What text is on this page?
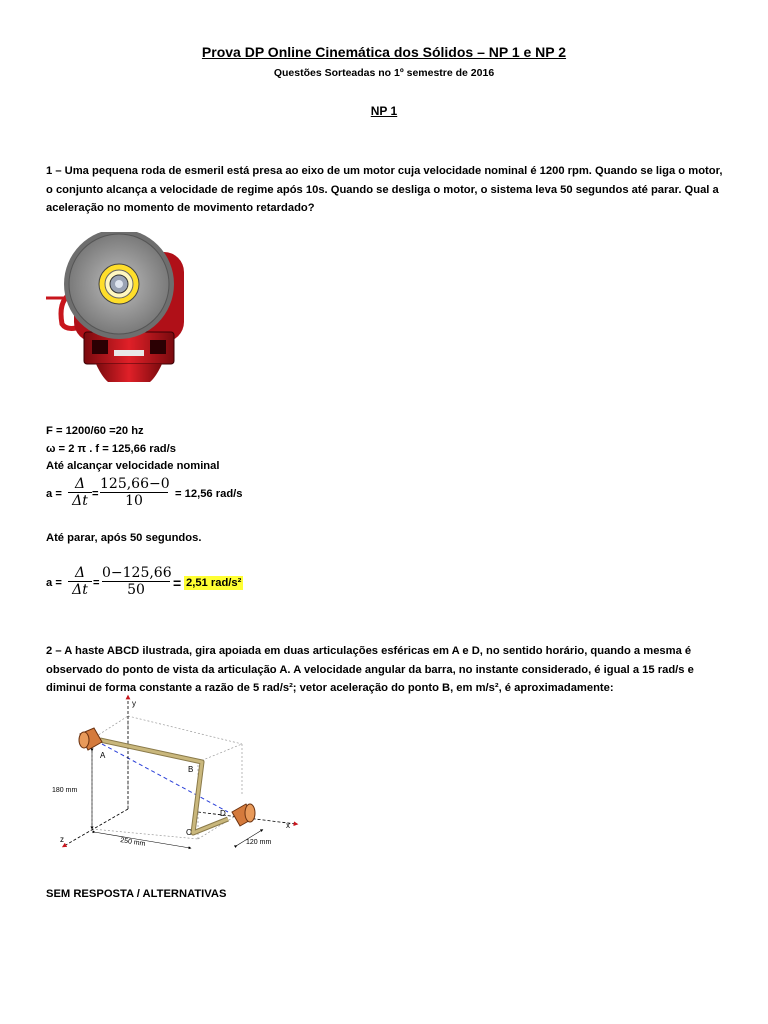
Prova DP Online Cinemática dos Sólidos – NP 1 e NP 2
Questões Sorteadas no 1º semestre de 2016
NP 1
1 – Uma pequena roda de esmeril está presa ao eixo de um motor cuja velocidade nominal é 1200 rpm. Quando se liga o motor, o conjunto alcança a velocidade de regime após 10s. Quando se desliga o motor, o sistema leva 50 segundos até parar. Qual a aceleração no momento de movimento retardado?
F = 1200/60 =20 hz
ω = 2 π . f = 125,66 rad/s
Até alcançar velocidade nominal
a =
Δ
Δt =
125,66−0
10	= 12,56 rad/s
Até parar, após 50 segundos.
a =
Δ
Δt =
0−125,66
50	= 2,51 rad/s²
2 – A haste ABCD ilustrada, gira apoiada em duas articulações esféricas em A e D, no sentido horário, quando a mesma é observado do ponto de vista da articulação A. A velocidade angular da barra, no instante considerado, é igual a 15 rad/s e diminui de forma constante a razão de 5 rad/s²; vetor aceleração do ponto B, em m/s², é aproximadamente:
y
z
x
A
B
C
D
180 mm
250 mm	120 mm
SEM RESPOSTA / ALTERNATIVAS
